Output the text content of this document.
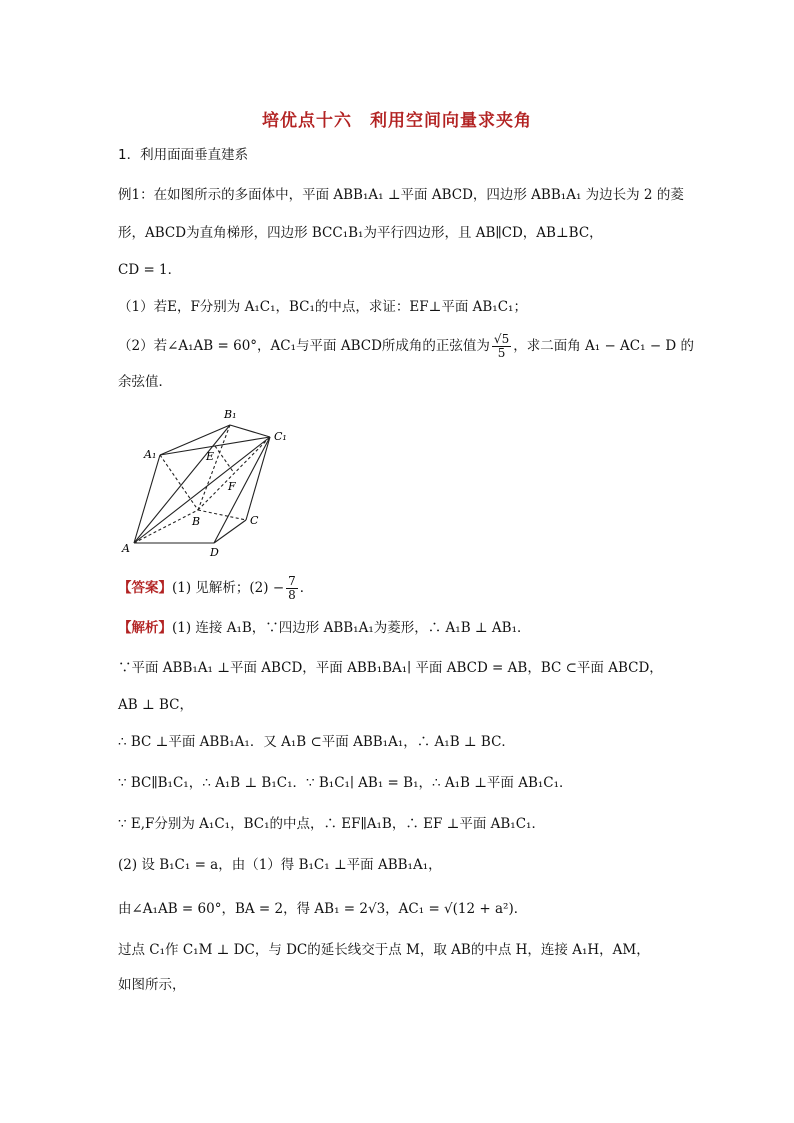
培优点十六　利用空间向量求夹角
1．利用面面垂直建系
例1：在如图所示的多面体中，平面 ABB₁A₁ ⊥平面 ABCD，四边形 ABB₁A₁ 为边长为 2 的菱
形，ABCD为直角梯形，四边形 BCC₁B₁为平行四边形，且 AB∥CD，AB⊥BC，
CD = 1．
（1）若E，F分别为 A₁C₁，BC₁的中点，求证：EF⊥平面 AB₁C₁；
（2）若∠A₁AB = 60°，AC₁与平面 ABCD所成角的正弦值为 $\frac{√5}{5}$ ，求二面角 A₁ − AC₁ − D 的
余弦值．
A	D
C
B
A₁
B₁
C₁
E
F
【答案】(1) 见解析；$(2) - \frac{7}{8}$ ．
【解析】(1) 连接 A₁B，∵四边形 ABB₁A₁为菱形，∴ A₁B ⊥ AB₁．
∵平面 ABB₁A₁ ⊥平面 ABCD，平面 ABB₁BA₁∣ 平面 ABCD = AB，BC ⊂平面 ABCD，
AB ⊥ BC，
∴ BC ⊥平面 ABB₁A₁．又 A₁B ⊂平面 ABB₁A₁，∴ A₁B ⊥ BC．
∵ BC∥B₁C₁，∴ A₁B ⊥ B₁C₁．∵ B₁C₁∣ AB₁ = B₁，∴ A₁B ⊥平面 AB₁C₁．
∵ E,F分别为 A₁C₁，BC₁的中点，∴ EF∥A₁B，∴ EF ⊥平面 AB₁C₁．
(2) 设 B₁C₁ = a，由（1）得 B₁C₁ ⊥平面 ABB₁A₁，
由∠A₁AB = 60°，BA = 2，得 AB₁ = 2√3，AC₁ = √(12 + a²)．
过点 C₁作 C₁M ⊥ DC，与 DC的延长线交于点 M，取 AB的中点 H，连接 A₁H，AM，
如图所示，
